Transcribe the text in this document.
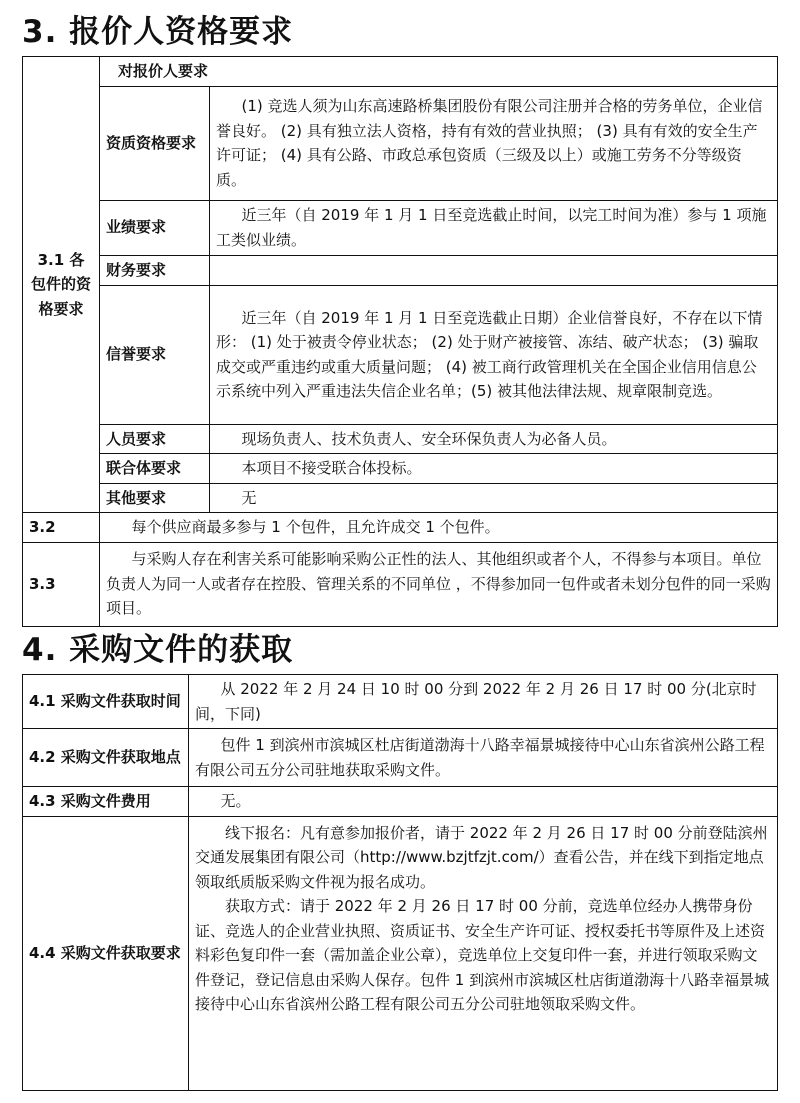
3. 报价人资格要求
3.1 各包件的资格要求	对报价人要求	
	资质资格要求	(1) 竞选人须为山东高速路桥集团股份有限公司注册并合格的劳务单位，企业信誉良好。 (2) 具有独立法人资格，持有有效的营业执照； (3) 具有有效的安全生产许可证； (4) 具有公路、市政总承包资质（三级及以上）或施工劳务不分等级资质。
	业绩要求	近三年（自 2019 年 1 月 1 日至竞选截止时间，以完工时间为准）参与 1 项施工类似业绩。
	财务要求	
	信誉要求	近三年（自 2019 年 1 月 1 日至竞选截止日期）企业信誉良好，不存在以下情形： (1) 处于被责令停业状态； (2) 处于财产被接管、冻结、破产状态； (3) 骗取成交或严重违约或重大质量问题； (4) 被工商行政管理机关在全国企业信用信息公示系统中列入严重违法失信企业名单；(5) 被其他法律法规、规章限制竞选。
	人员要求	现场负责人、技术负责人、安全环保负责人为必备人员。
	联合体要求	本项目不接受联合体投标。
	其他要求	无
3.2	每个供应商最多参与 1 个包件，且允许成交 1 个包件。	
3.3	与采购人存在利害关系可能影响采购公正性的法人、其他组织或者个人，不得参与本项目。单位负责人为同一人或者存在控股、管理关系的不同单位 ，不得参加同一包件或者未划分包件的同一采购项目。	
4. 采购文件的获取
4.1 采购文件获取时间	从 2022 年 2 月 24 日 10 时 00 分到 2022 年 2 月 26 日 17 时 00 分(北京时间，下同)
4.2 采购文件获取地点	包件 1 到滨州市滨城区杜店街道渤海十八路幸福景城接待中心山东省滨州公路工程有限公司五分公司驻地获取采购文件。
4.3 采购文件费用	无。
4.4 采购文件获取要求	线下报名：凡有意参加报价者，请于 2022 年 2 月 26 日 17 时 00 分前登陆滨州交通发展集团有限公司（http://www.bzjtfzjt.com/）查看公告，并在线下到指定地点领取纸质版采购文件视为报名成功。
获取方式：请于 2022 年 2 月 26 日 17 时 00 分前，竞选单位经办人携带身份证、竞选人的企业营业执照、资质证书、安全生产许可证、授权委托书等原件及上述资料彩色复印件一套（需加盖企业公章），竞选单位上交复印件一套，并进行领取采购文件登记，登记信息由采购人保存。包件 1 到滨州市滨城区杜店街道渤海十八路幸福景城接待中心山东省滨州公路工程有限公司五分公司驻地领取采购文件。
